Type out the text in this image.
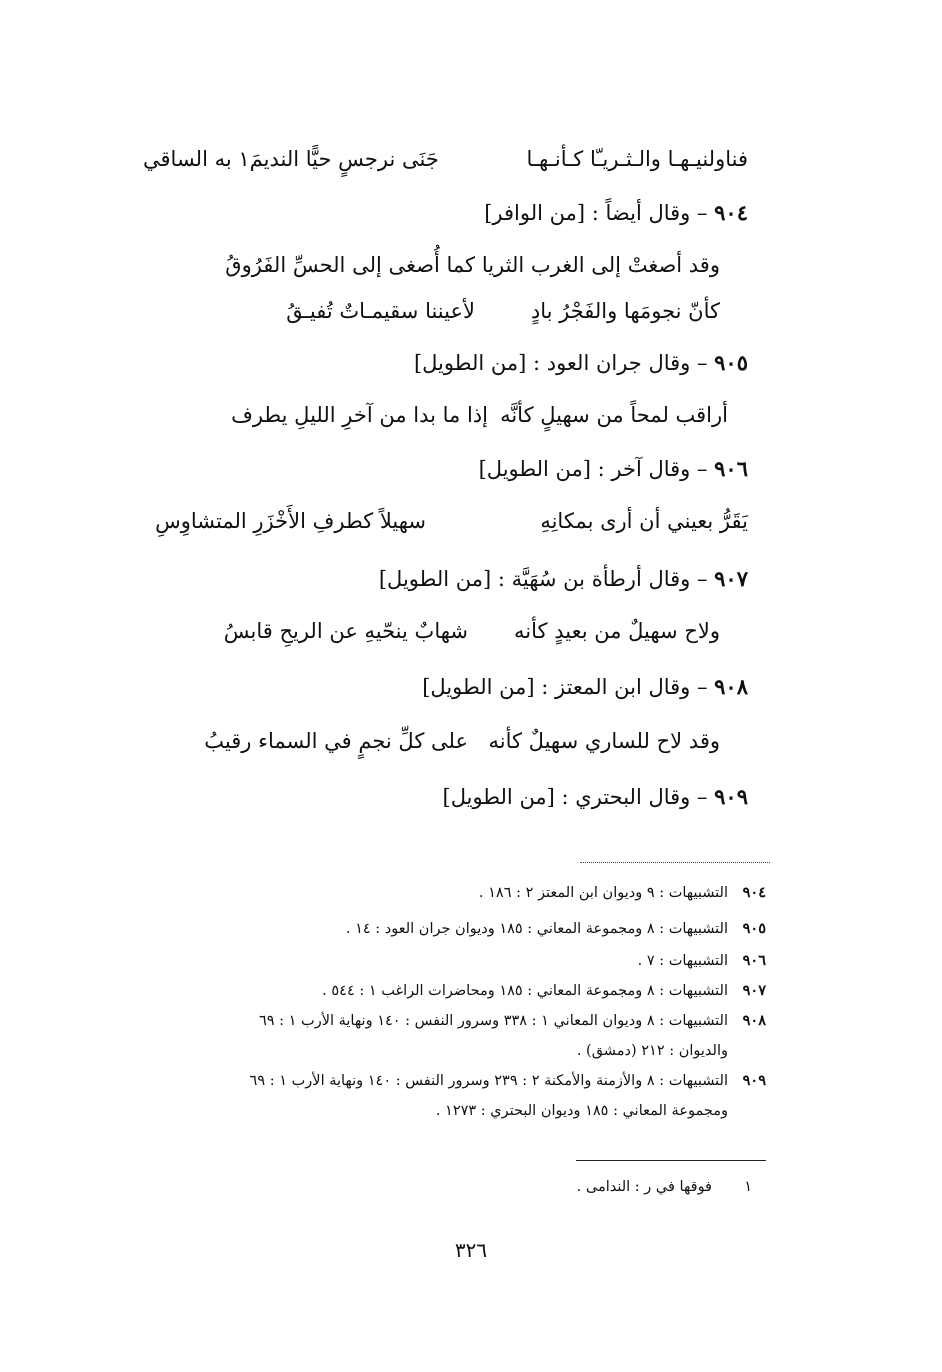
فناولنيـهـا والـثـريـّا كـأنـهـا
جَنَى نرجسٍ حيًّا النديمَ١ به الساقي
٩٠٤ – وقال أيضاً : [من الوافر]
وقد أصغتْ إلى الغرب الثريا
كما أُصغى إلى الحسِّ الفَرُوقُ
كأنّ نجومَها والفَجْرُ بادٍ
لأعيننا سقيمـاتٌ تُفيـقُ
٩٠٥ – وقال جران العود : [من الطويل]
أراقب لمحاً من سهيلٍ كأنَّه
إذا ما بدا من آخرِ الليلِ يطرف
٩٠٦ – وقال آخر : [من الطويل]
يَقَرُّ بعيني أن أرى بمكانِهِ
سهيلاً كطرفِ الأَخْزَرِ المتشاوِسِ
٩٠٧ – وقال أرطأة بن سُهَيَّة : [من الطويل]
ولاح سهيلٌ من بعيدٍ كأنه
شهابٌ ينحّيهِ عن الريحِ قابسُ
٩٠٨ – وقال ابن المعتز : [من الطويل]
وقد لاح للساري سهيلٌ كأنه
على كلِّ نجمٍ في السماء رقيبُ
٩٠٩ – وقال البحتري : [من الطويل]
٩٠٤التشبيهات : ٩ وديوان ابن المعتز ٢ : ١٨٦ .
٩٠٥التشبيهات : ٨ ومجموعة المعاني : ١٨٥ وديوان جران العود : ١٤ .
٩٠٦التشبيهات : ٧ .
٩٠٧التشبيهات : ٨ ومجموعة المعاني : ١٨٥ ومحاضرات الراغب ١ : ٥٤٤ .
٩٠٨التشبيهات : ٨ وديوان المعاني ١ : ٣٣٨ وسرور النفس : ١٤٠ ونهاية الأرب ١ : ٦٩
والديوان : ٢١٢ (دمشق) .
٩٠٩التشبيهات : ٨ والأزمنة والأمكنة ٢ : ٢٣٩ وسرور النفس : ١٤٠ ونهاية الأرب ١ : ٦٩
ومجموعة المعاني : ١٨٥ وديوان البحتري : ١٢٧٣ .
١فوقها في ر : الندامى .
٣٢٦
